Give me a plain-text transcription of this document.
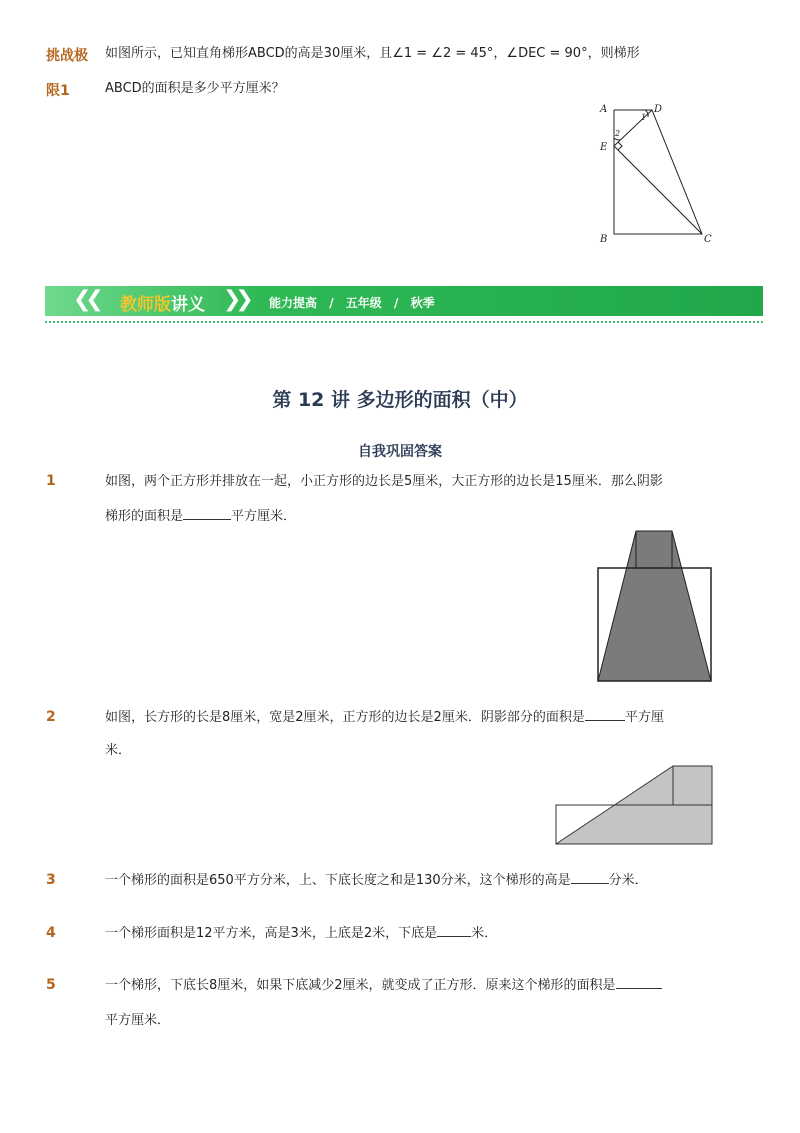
挑战极
限1
如图所示，已知直角梯形ABCD的高是30厘米，且∠1 = ∠2 = 45°，∠DEC = 90°，则梯形
ABCD的面积是多少平方厘米？
A	D
E
B	C
1
2
❮❮ 教师版讲义 ❯❯ 能力提高 / 五年级 / 秋季
第 12 讲 多边形的面积（中）
自我巩固答案
1	如图，两个正方形并排放在一起，小正方形的边长是5厘米，大正方形的边长是15厘米．那么阴影
梯形的面积是	平方厘米．
2	如图，长方形的长是8厘米，宽是2厘米，正方形的边长是2厘米．阴影部分的面积是	平方厘
米．
3	一个梯形的面积是650平方分米，上、下底长度之和是130分米，这个梯形的高是	分米．
4	一个梯形面积是12平方米，高是3米，上底是2米，下底是	米．
5	一个梯形，下底长8厘米，如果下底减少2厘米，就变成了正方形．原来这个梯形的面积是
平方厘米．
